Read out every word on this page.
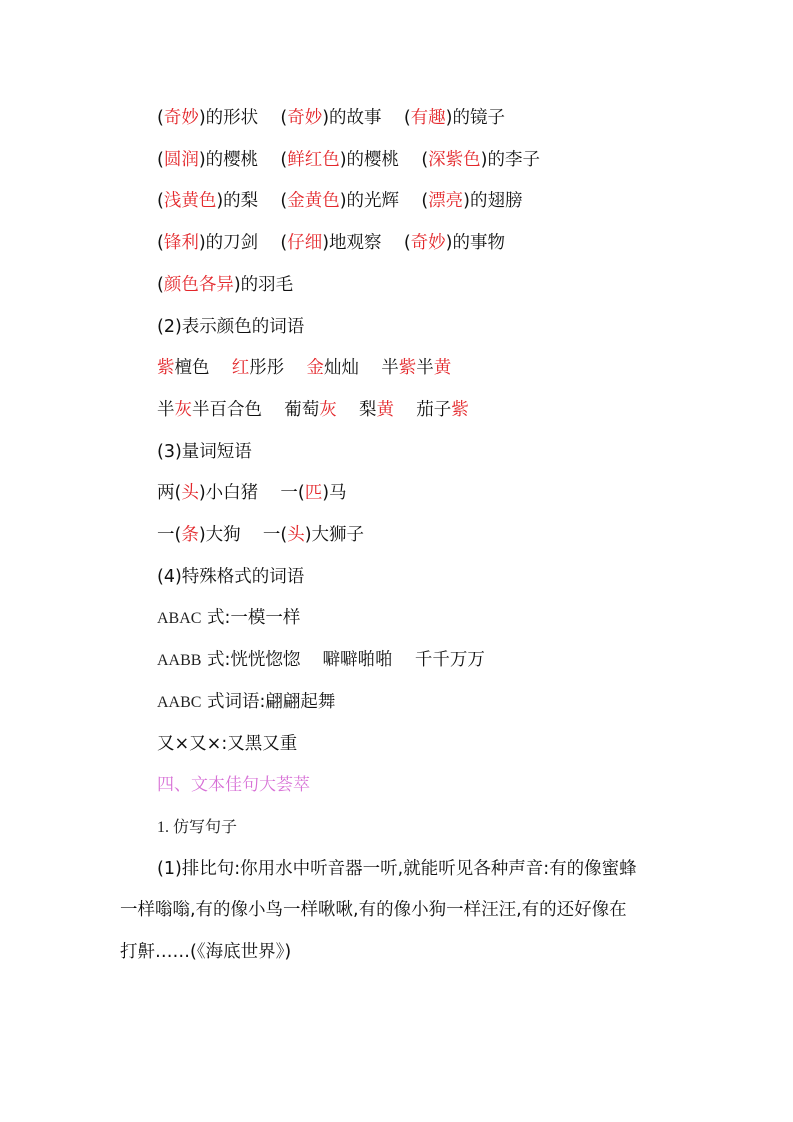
(奇妙)的形状    (奇妙)的故事    (有趣)的镜子
(圆润)的樱桃    (鲜红色)的樱桃    (深紫色)的李子
(浅黄色)的梨    (金黄色)的光辉    (漂亮)的翅膀
(锋利)的刀剑    (仔细)地观察    (奇妙)的事物
(颜色各异)的羽毛
(2)表示颜色的词语
紫檀色    红彤彤    金灿灿    半紫半黄
半灰半百合色    葡萄灰    梨黄    茄子紫
(3)量词短语
两(头)小白猪    一(匹)马
一(条)大狗    一(头)大狮子
(4)特殊格式的词语
ABAC 式:一模一样
AABB 式:恍恍惚惚    噼噼啪啪    千千万万
AABC 式词语:翩翩起舞
又×又×:又黑又重
四、文本佳句大荟萃
1. 仿写句子
(1)排比句:你用水中听音器一听,就能听见各种声音:有的像蜜蜂
一样嗡嗡,有的像小鸟一样啾啾,有的像小狗一样汪汪,有的还好像在
打鼾……(《海底世界》)
